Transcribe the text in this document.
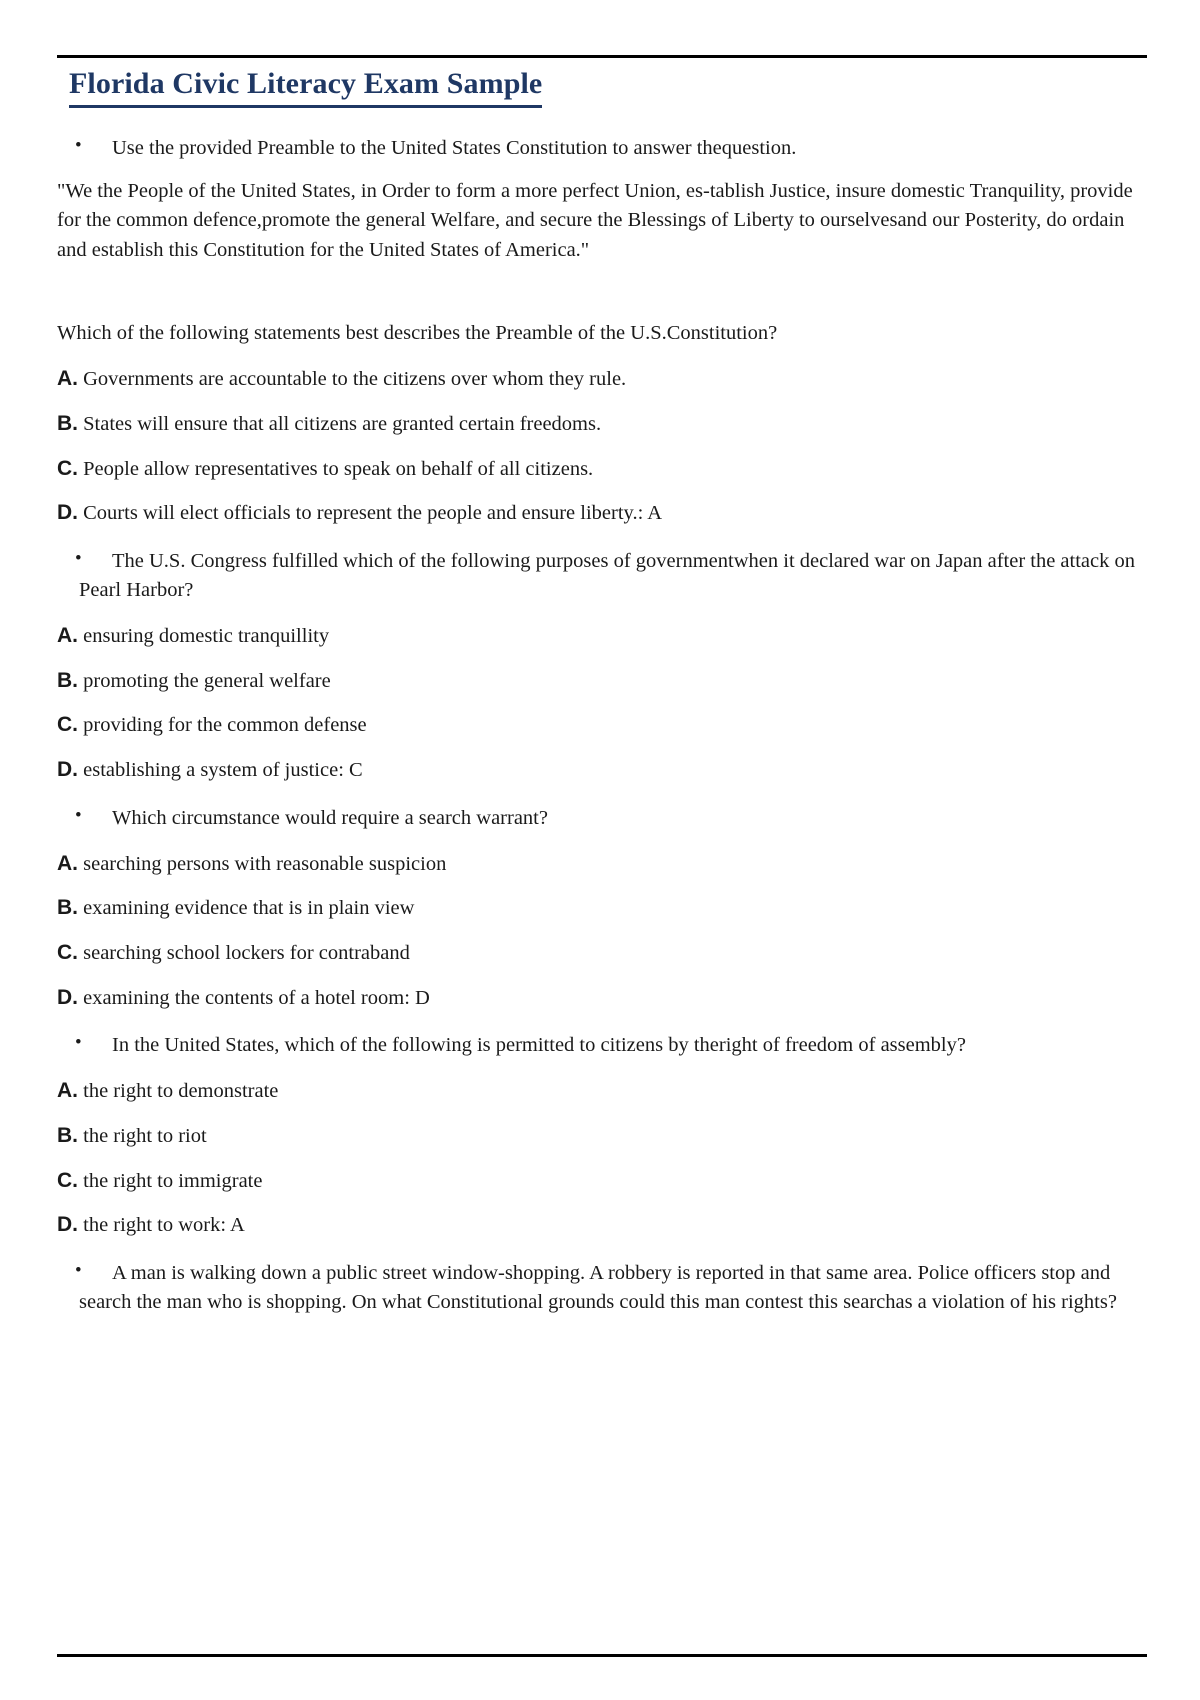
Florida Civic Literacy Exam Sample
•	Use the provided Preamble to the United States Constitution to answer thequestion.

"We the People of the United States, in Order to form a more perfect Union, es-tablish Justice, insure domestic Tranquility, provide for the common defence,promote the general Welfare, and secure the Blessings of Liberty to ourselvesand our Posterity, do ordain and establish this Constitution for the United States of America."

Which of the following statements best describes the Preamble of the U.S.Constitution?

A. Governments are accountable to the citizens over whom they rule.

B. States will ensure that all citizens are granted certain freedoms.

C. People allow representatives to speak on behalf of all citizens.

D. Courts will elect officials to represent the people and ensure liberty.: A

•	The U.S. Congress fulfilled which of the following purposes of governmentwhen it declared war on Japan after the attack on Pearl Harbor?

A. ensuring domestic tranquillity

B. promoting the general welfare

C. providing for the common defense

D. establishing a system of justice: C

•	Which circumstance would require a search warrant?

A. searching persons with reasonable suspicion

B. examining evidence that is in plain view

C. searching school lockers for contraband

D. examining the contents of a hotel room: D

•	In the United States, which of the following is permitted to citizens by theright of freedom of assembly?

A. the right to demonstrate

B. the right to riot

C. the right to immigrate

D. the right to work: A

•	A man is walking down a public street window-shopping. A robbery is reported in that same area. Police officers stop and search the man who is shopping. On what Constitutional grounds could this man contest this searchas a violation of his rights?
